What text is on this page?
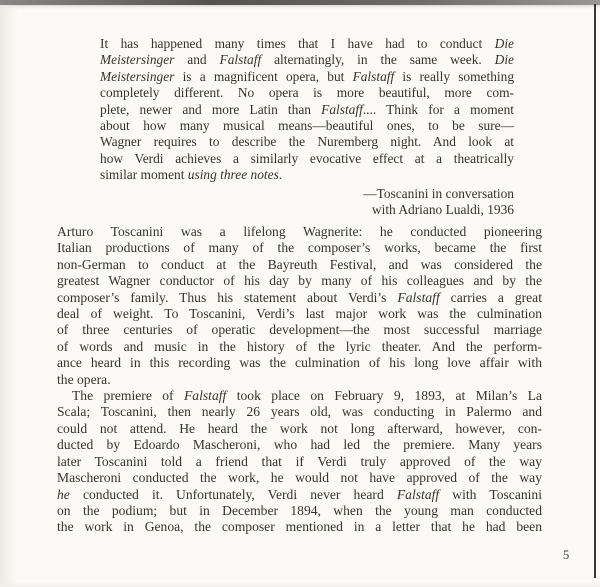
It has happened many times that I have had to conduct Die
Meistersinger and Falstaff alternatingly, in the same week. Die
Meistersinger is a magnificent opera, but Falstaff is really something
completely different. No opera is more beautiful, more com-
plete, newer and more Latin than Falstaff.... Think for a moment
about how many musical means—beautiful ones, to be sure—
Wagner requires to describe the Nuremberg night. And look at
how Verdi achieves a similarly evocative effect at a theatrically
similar moment using three notes.
—Toscanini in conversation
with Adriano Lualdi, 1936
Arturo Toscanini was a lifelong Wagnerite: he conducted pioneering
Italian productions of many of the composer’s works, became the first
non-German to conduct at the Bayreuth Festival, and was considered the
greatest Wagner conductor of his day by many of his colleagues and by the
composer’s family. Thus his statement about Verdi’s Falstaff carries a great
deal of weight. To Toscanini, Verdi’s last major work was the culmination
of three centuries of operatic development—the most successful marriage
of words and music in the history of the lyric theater. And the perform-
ance heard in this recording was the culmination of his long love affair with
the opera.
The premiere of Falstaff took place on February 9, 1893, at Milan’s La
Scala; Toscanini, then nearly 26 years old, was conducting in Palermo and
could not attend. He heard the work not long afterward, however, con-
ducted by Edoardo Mascheroni, who had led the premiere. Many years
later Toscanini told a friend that if Verdi truly approved of the way
Mascheroni conducted the work, he would not have approved of the way
he conducted it. Unfortunately, Verdi never heard Falstaff with Toscanini
on the podium; but in December 1894, when the young man conducted
the work in Genoa, the composer mentioned in a letter that he had been
5
